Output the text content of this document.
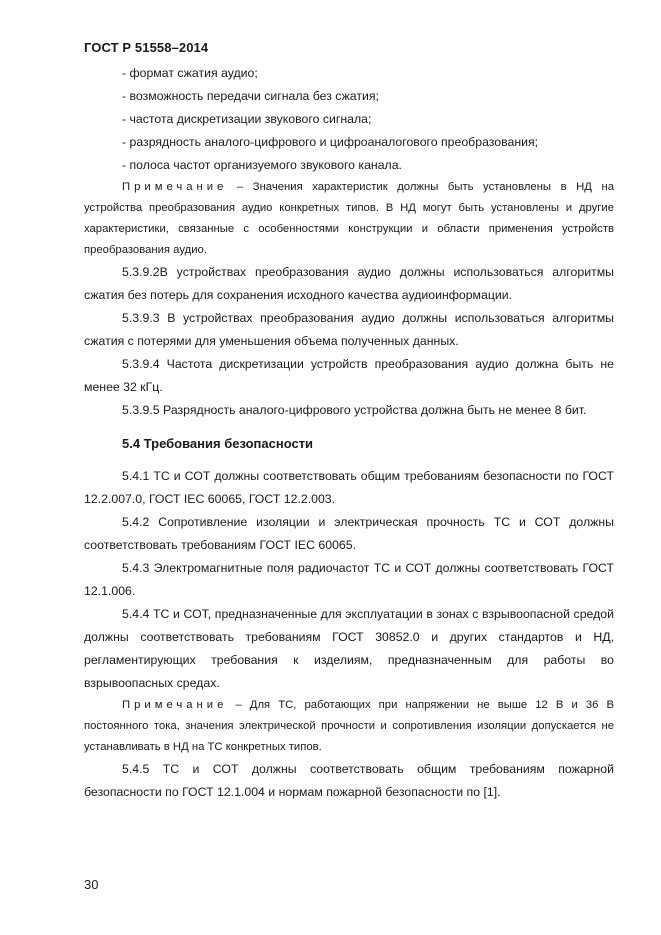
ГОСТ Р 51558–2014

- формат сжатия аудио;

- возможность передачи сигнала без сжатия;

- частота дискретизации звукового сигнала;

- разрядность аналого-цифрового и цифроаналогового преобразования;

- полоса частот организуемого звукового канала.

Примечание – Значения характеристик должны быть установлены в НД на устройства преобразования аудио конкретных типов. В НД могут быть установлены и другие характеристики, связанные с особенностями конструкции и области применения устройств преобразования аудио.

5.3.9.2В устройствах преобразования аудио должны использоваться алгоритмы сжатия без потерь для сохранения исходного качества аудиоинформации.

5.3.9.3 В устройствах преобразования аудио должны использоваться алгоритмы сжатия с потерями для уменьшения объема полученных данных.

5.3.9.4 Частота дискретизации устройств преобразования аудио должна быть не менее 32 кГц.

5.3.9.5 Разрядность аналого-цифрового устройства должна быть не менее 8 бит.

5.4 Требования безопасности

5.4.1 ТС и СОТ должны соответствовать общим требованиям безопасности по ГОСТ 12.2.007.0, ГОСТ IEC 60065, ГОСТ 12.2.003.

5.4.2 Сопротивление изоляции и электрическая прочность ТС и СОТ должны соответствовать требованиям ГОСТ IEC 60065.

5.4.3 Электромагнитные поля радиочастот ТС и СОТ должны соответствовать ГОСТ 12.1.006.

5.4.4 ТС и СОТ, предназначенные для эксплуатации в зонах с взрывоопасной средой должны соответствовать требованиям ГОСТ 30852.0 и других стандартов и НД, регламентирующих требования к изделиям, предназначенным для работы во взрывоопасных средах.

Примечание – Для ТС, работающих при напряжении не выше 12 В и 36 В постоянного тока, значения электрической прочности и сопротивления изоляции допускается не устанавливать в НД на ТС конкретных типов.

5.4.5 ТС и СОТ должны соответствовать общим требованиям пожарной безопасности по ГОСТ 12.1.004 и нормам пожарной безопасности по [1].

30
